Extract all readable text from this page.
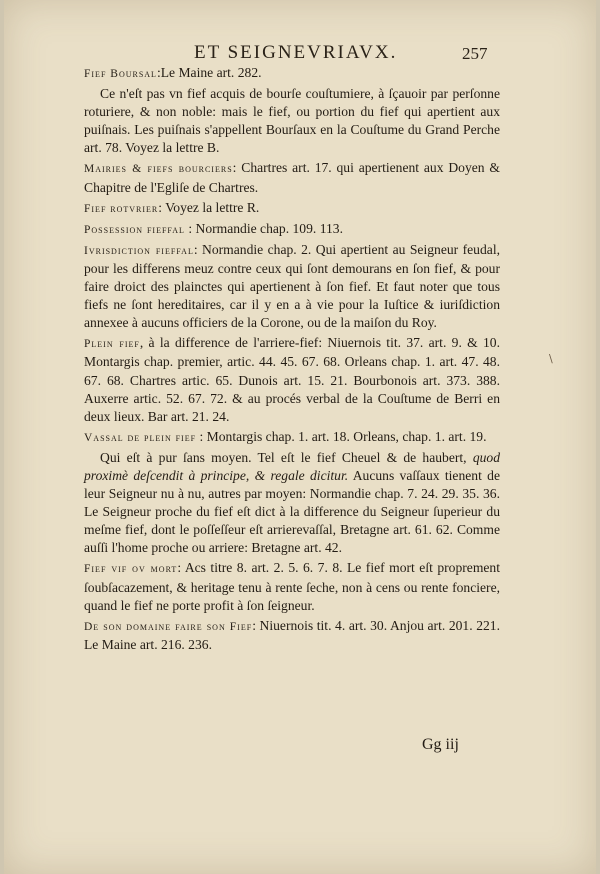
ET SEIGNEVRIAVX.	257

Fief Boursal:Le Maine art. 282.

Ce n'eſt pas vn fief acquis de bourſe couſtumiere, à ſçauoir par perſonne roturiere, & non noble: mais le fief, ou portion du fief qui apertient aux puiſnais. Les puiſnais s'appellent Bourſaux en la Couſtume du Grand Perche art. 78. Voyez la lettre B.

Mairies & fiefs bourciers: Chartres art. 17. qui apertienent aux Doyen & Chapitre de l'Egliſe de Chartres.

Fief rotvrier: Voyez la lettre R.

Possession fieffal : Normandie chap. 109. 113.

Ivrisdiction fieffal: Normandie chap. 2. Qui apertient au Seigneur feudal, pour les differens meuz contre ceux qui ſont demourans en ſon fief, & pour faire droict des plainctes qui apertienent à ſon fief. Et faut noter que tous fiefs ne ſont hereditaires, car il y en a à vie pour la Iuſtice & iuriſdiction annexee à aucuns officiers de la Corone, ou de la maiſon du Roy.

Plein fief, à la difference de l'arriere-fief: Niuernois tit. 37. art. 9. & 10. Montargis chap. premier, artic. 44. 45. 67. 68. Orleans chap. 1. art. 47. 48. 67. 68. Chartres artic. 65. Dunois art. 15. 21. Bourbonois art. 373. 388. Auxerre artic. 52. 67. 72. & au procés verbal de la Couſtume de Berri en deux lieux. Bar art. 21. 24.

Vassal de plein fief : Montargis chap. 1. art. 18. Orleans, chap. 1. art. 19.

Qui eſt à pur ſans moyen. Tel eſt le fief Cheuel & de haubert, quod proximè deſcendit à principe, & regale dicitur. Aucuns vaſſaux tienent de leur Seigneur nu à nu, autres par moyen: Normandie chap. 7. 24. 29. 35. 36. Le Seigneur proche du fief eſt dict à la difference du Seigneur ſuperieur du meſme fief, dont le poſſeſſeur eſt arrierevaſſal, Bretagne art. 61. 62. Comme auſſi l'home proche ou arriere: Bretagne art. 42.

Fief vif ov mort: Acs titre 8. art. 2. 5. 6. 7. 8. Le fief mort eſt proprement ſoubſacazement, & heritage tenu à rente ſeche, non à cens ou rente fonciere, quand le fief ne porte profit à ſon ſeigneur.

De son domaine faire son Fief: Niuernois tit. 4. art. 30. Anjou art. 201. 221. Le Maine art. 216. 236.

Gg iij
\
